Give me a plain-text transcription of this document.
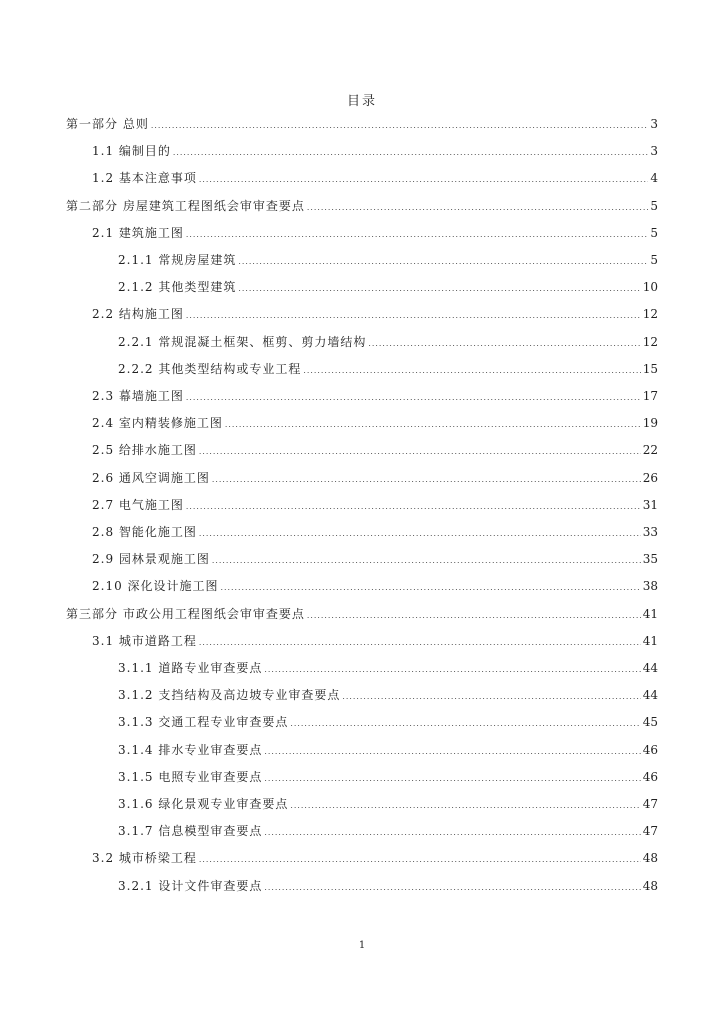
目录
第一部分 总则 .....	3
1.1 编制目的 .....	3
1.2 基本注意事项 .....	4
第二部分 房屋建筑工程图纸会审审查要点 .....	5
2.1 建筑施工图 .....	5
2.1.1 常规房屋建筑 .....	5
2.1.2 其他类型建筑 .....	10
2.2 结构施工图 .....	12
2.2.1 常规混凝土框架、框剪、剪力墙结构 .....	12
2.2.2 其他类型结构或专业工程 .....	15
2.3 幕墙施工图 .....	17
2.4 室内精装修施工图 .....	19
2.5 给排水施工图 .....	22
2.6 通风空调施工图 .....	26
2.7 电气施工图 .....	31
2.8 智能化施工图 .....	33
2.9 园林景观施工图 .....	35
2.10 深化设计施工图 .....	38
第三部分 市政公用工程图纸会审审查要点 .....	41
3.1 城市道路工程 .....	41
3.1.1 道路专业审查要点 .....	44
3.1.2 支挡结构及高边坡专业审查要点 .....	44
3.1.3 交通工程专业审查要点 .....	45
3.1.4 排水专业审查要点 .....	46
3.1.5 电照专业审查要点 .....	46
3.1.6 绿化景观专业审查要点 .....	47
3.1.7 信息模型审查要点 .....	47
3.2 城市桥梁工程 .....	48
3.2.1 设计文件审查要点 .....	48
1
